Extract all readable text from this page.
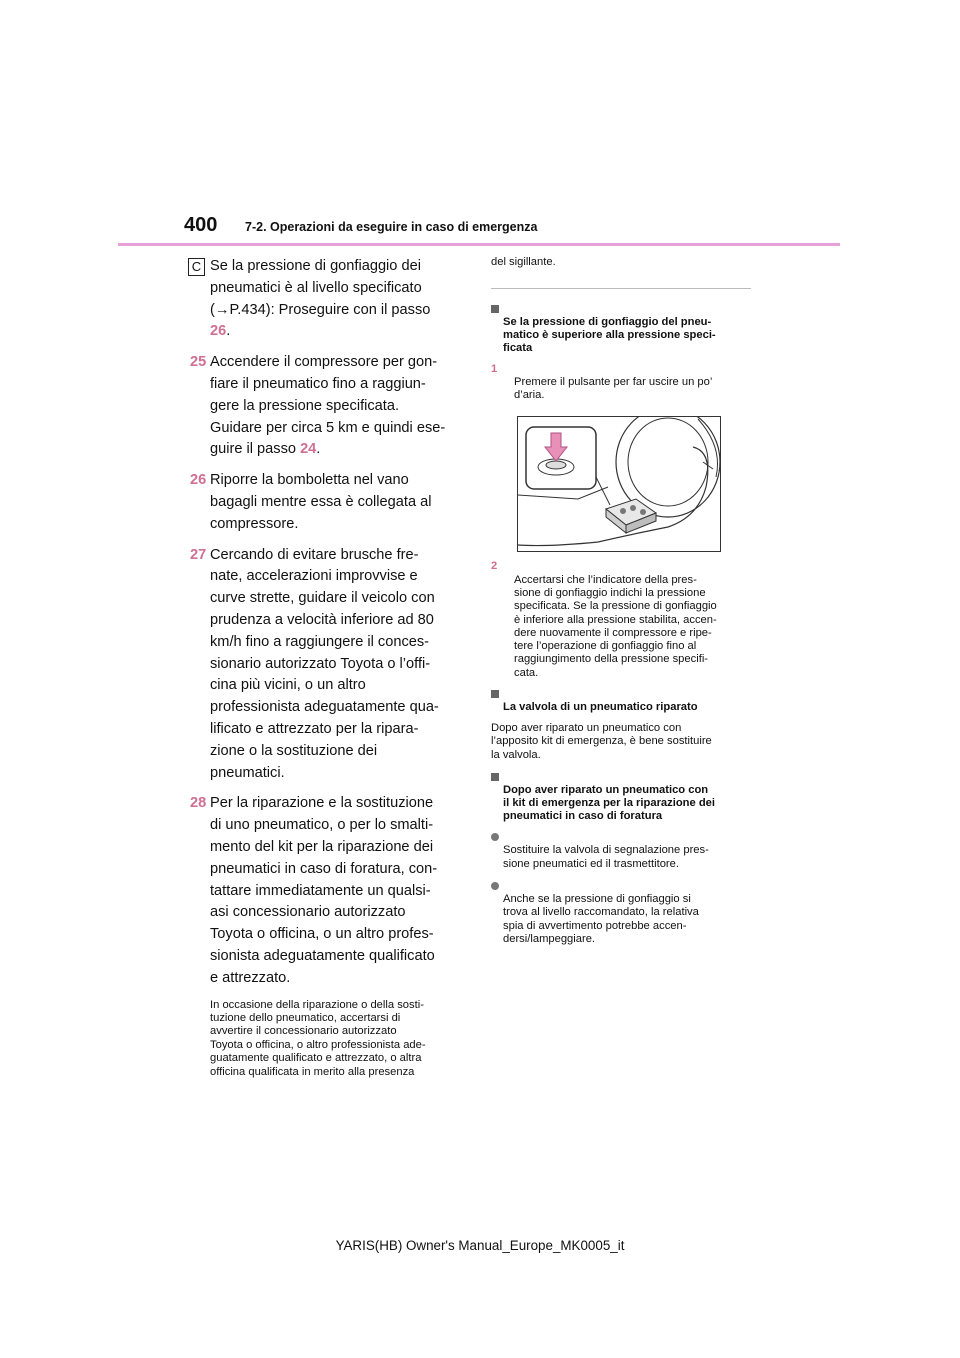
400 7-2. Operazioni da eseguire in caso di emergenza
C Se la pressione di gonfiaggio dei
pneumatici è al livello specificato
(→P.434): Proseguire con il passo
26.
25 Accendere il compressore per gon-
fiare il pneumatico fino a raggiun-
gere la pressione specificata.
Guidare per circa 5 km e quindi ese-
guire il passo 24.
26 Riporre la bomboletta nel vano
bagagli mentre essa è collegata al
compressore.
27 Cercando di evitare brusche fre-
nate, accelerazioni improvvise e
curve strette, guidare il veicolo con
prudenza a velocità inferiore ad 80
km/h fino a raggiungere il conces-
sionario autorizzato Toyota o l’offi-
cina più vicini, o un altro
professionista adeguatamente qua-
lificato e attrezzato per la ripara-
zione o la sostituzione dei
pneumatici.
28 Per la riparazione e la sostituzione
di uno pneumatico, o per lo smalti-
mento del kit per la riparazione dei
pneumatici in caso di foratura, con-
tattare immediatamente un qualsi-
asi concessionario autorizzato
Toyota o officina, o un altro profes-
sionista adeguatamente qualificato
e attrezzato.
In occasione della riparazione o della sosti-
tuzione dello pneumatico, accertarsi di
avvertire il concessionario autorizzato
Toyota o officina, o altro professionista ade-
guatamente qualificato e attrezzato, o altra
officina qualificata in merito alla presenza
del sigillante.

Se la pressione di gonfiaggio del pneu-
matico è superiore alla pressione speci-
ficata

1
Premere il pulsante per far uscire un po’
d’aria.

2
Accertarsi che l’indicatore della pres-
sione di gonfiaggio indichi la pressione
specificata. Se la pressione di gonfiaggio
è inferiore alla pressione stabilita, accen-
dere nuovamente il compressore e ripe-
tere l’operazione di gonfiaggio fino al
raggiungimento della pressione specifi-
cata.

La valvola di un pneumatico riparato

Dopo aver riparato un pneumatico con
l’apposito kit di emergenza, è bene sostituire
la valvola.

Dopo aver riparato un pneumatico con
il kit di emergenza per la riparazione dei
pneumatici in caso di foratura

Sostituire la valvola di segnalazione pres-
sione pneumatici ed il trasmettitore.

Anche se la pressione di gonfiaggio si
trova al livello raccomandato, la relativa
spia di avvertimento potrebbe accen-
dersi/lampeggiare.

YARIS(HB) Owner's Manual_Europe_MK0005_it
